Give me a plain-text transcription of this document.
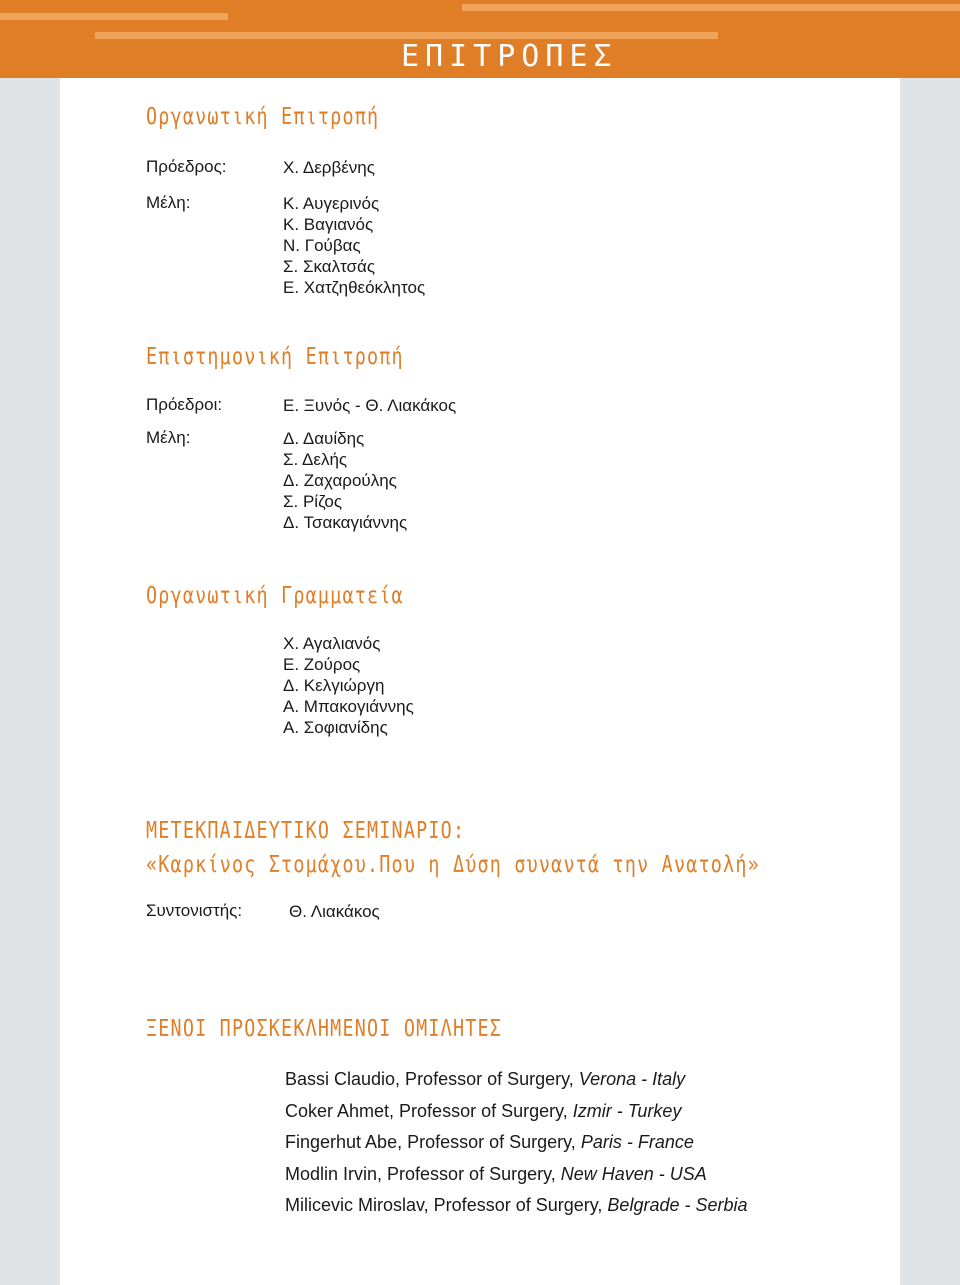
ΕΠΙΤΡΟΠΕΣ
Οργανωτική Επιτροπή
Πρόεδρος:	Χ. Δερβένης
Μέλη:	Κ. Αυγερινός
Κ. Βαγιανός
Ν. Γούβας
Σ. Σκαλτσάς
Ε. Χατζηθεόκλητος
Επιστημονική Επιτροπή
Πρόεδροι:	Ε. Ξυνός - Θ. Λιακάκος
Μέλη:	Δ. Δαυίδης
Σ. Δελής
Δ. Ζαχαρούλης
Σ. Ρίζος
Δ. Τσακαγιάννης
Οργανωτική Γραμματεία
Χ. Αγαλιανός
Ε. Ζούρος
Δ. Κελγιώργη
Α. Μπακογιάννης
Α. Σοφιανίδης
ΜΕΤΕΚΠΑΙΔΕΥΤΙΚΟ ΣΕΜΙΝΑΡΙΟ:
«Καρκίνος Στομάχου.Που η Δύση συναντά την Ανατολή»
Συντονιστής:	Θ. Λιακάκος
ΞΕΝΟΙ ΠΡΟΣΚΕΚΛΗΜΕΝΟΙ ΟΜΙΛΗΤΕΣ
Bassi Claudio, Professor of Surgery, Verona - Italy
Coker Ahmet, Professor of Surgery, Izmir - Turkey
Fingerhut Abe, Professor of Surgery, Paris - France
Modlin Irvin, Professor of Surgery, New Haven - USA
Milicevic Miroslav, Professor of Surgery, Belgrade - Serbia
